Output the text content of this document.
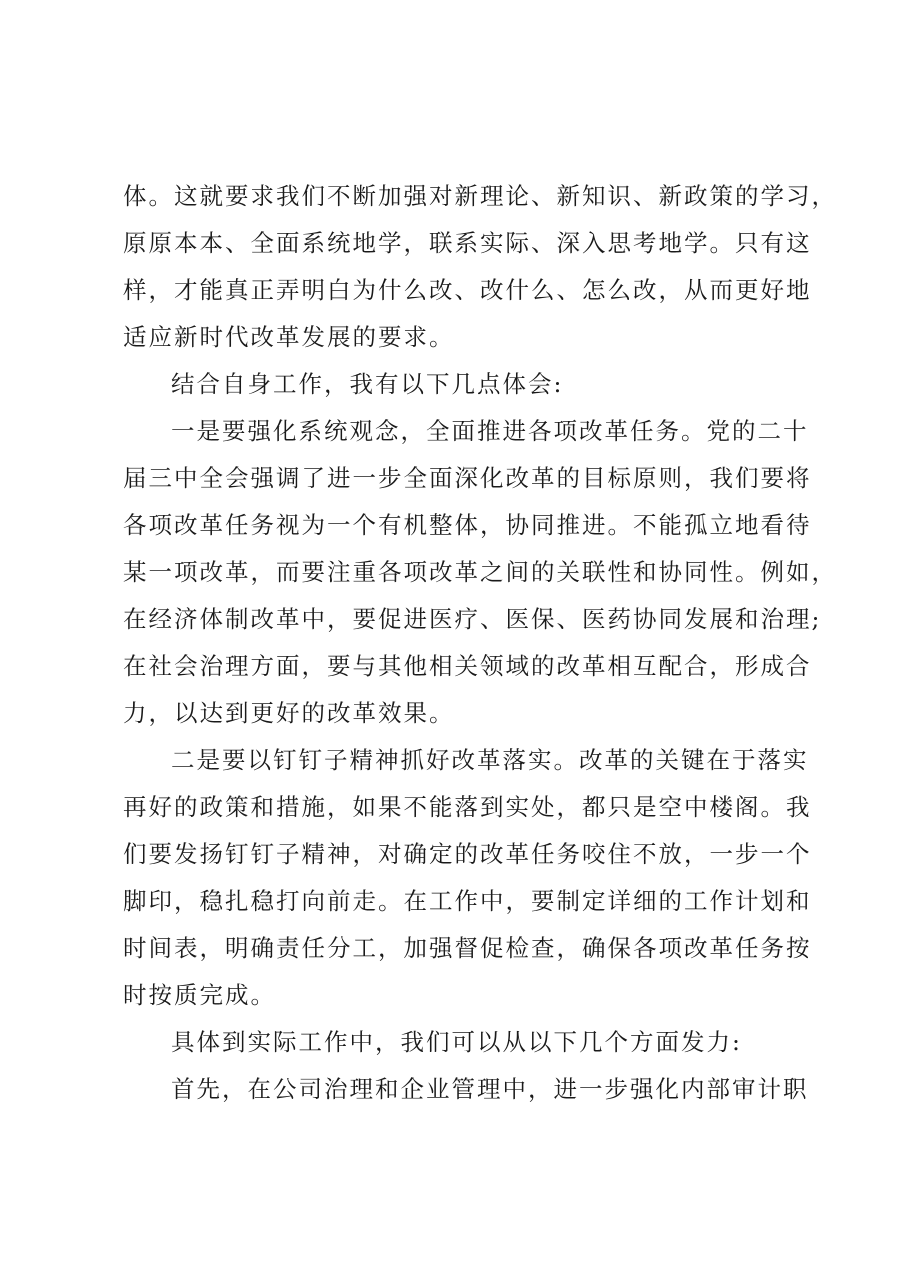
体。这就要求我们不断加强对新理论、新知识、新政策的学习，
原原本本、全面系统地学，联系实际、深入思考地学。只有这
样，才能真正弄明白为什么改、改什么、怎么改，从而更好地
适应新时代改革发展的要求。
结合自身工作，我有以下几点体会:
一是要强化系统观念，全面推进各项改革任务。党的二十
届三中全会强调了进一步全面深化改革的目标原则，我们要将
各项改革任务视为一个有机整体，协同推进。不能孤立地看待
某一项改革，而要注重各项改革之间的关联性和协同性。例如，
在经济体制改革中，要促进医疗、医保、医药协同发展和治理;
在社会治理方面，要与其他相关领域的改革相互配合，形成合
力，以达到更好的改革效果。
二是要以钉钉子精神抓好改革落实。改革的关键在于落实
再好的政策和措施，如果不能落到实处，都只是空中楼阁。我
们要发扬钉钉子精神，对确定的改革任务咬住不放，一步一个
脚印，稳扎稳打向前走。在工作中，要制定详细的工作计划和
时间表，明确责任分工，加强督促检查，确保各项改革任务按
时按质完成。
具体到实际工作中，我们可以从以下几个方面发力:
首先，在公司治理和企业管理中，进一步强化内部审计职
